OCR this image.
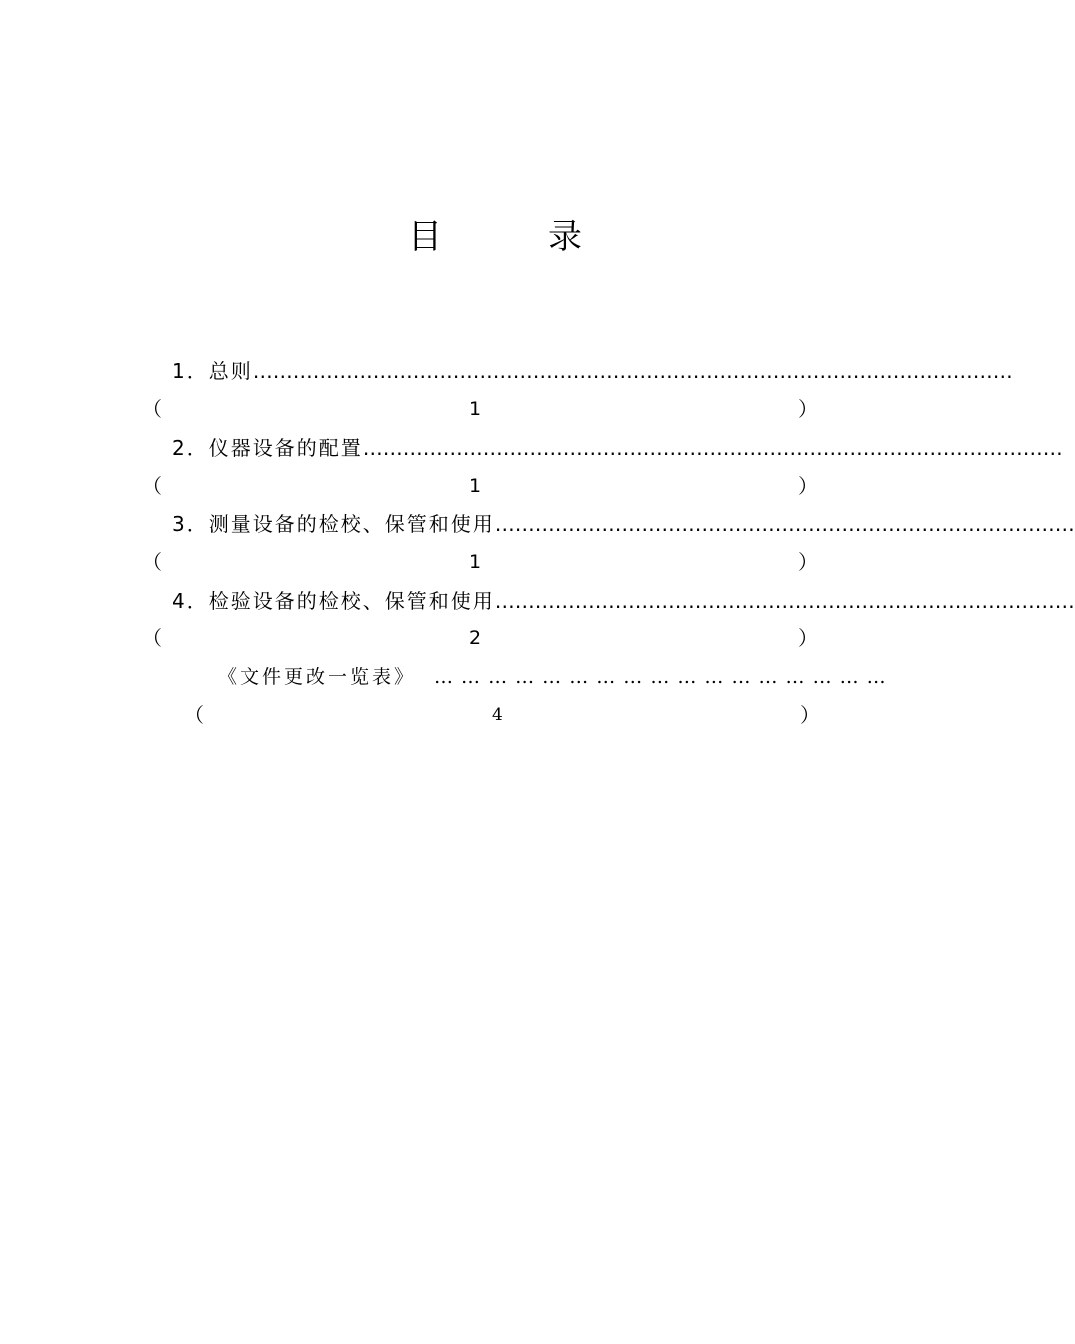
目	录
1．总则……………………………………………………………………………………………………
（	1	）
2．仪器设备的配置……………………………………………………………………………………………
（	1	）
3．测量设备的检校、保管和使用……………………………………………………………………………
（	1	）
4．检验设备的检校、保管和使用……………………………………………………………………………
（	2	）
《文件更改一览表》 … … … … … … … … … … … … … … … … …
（	4	）
